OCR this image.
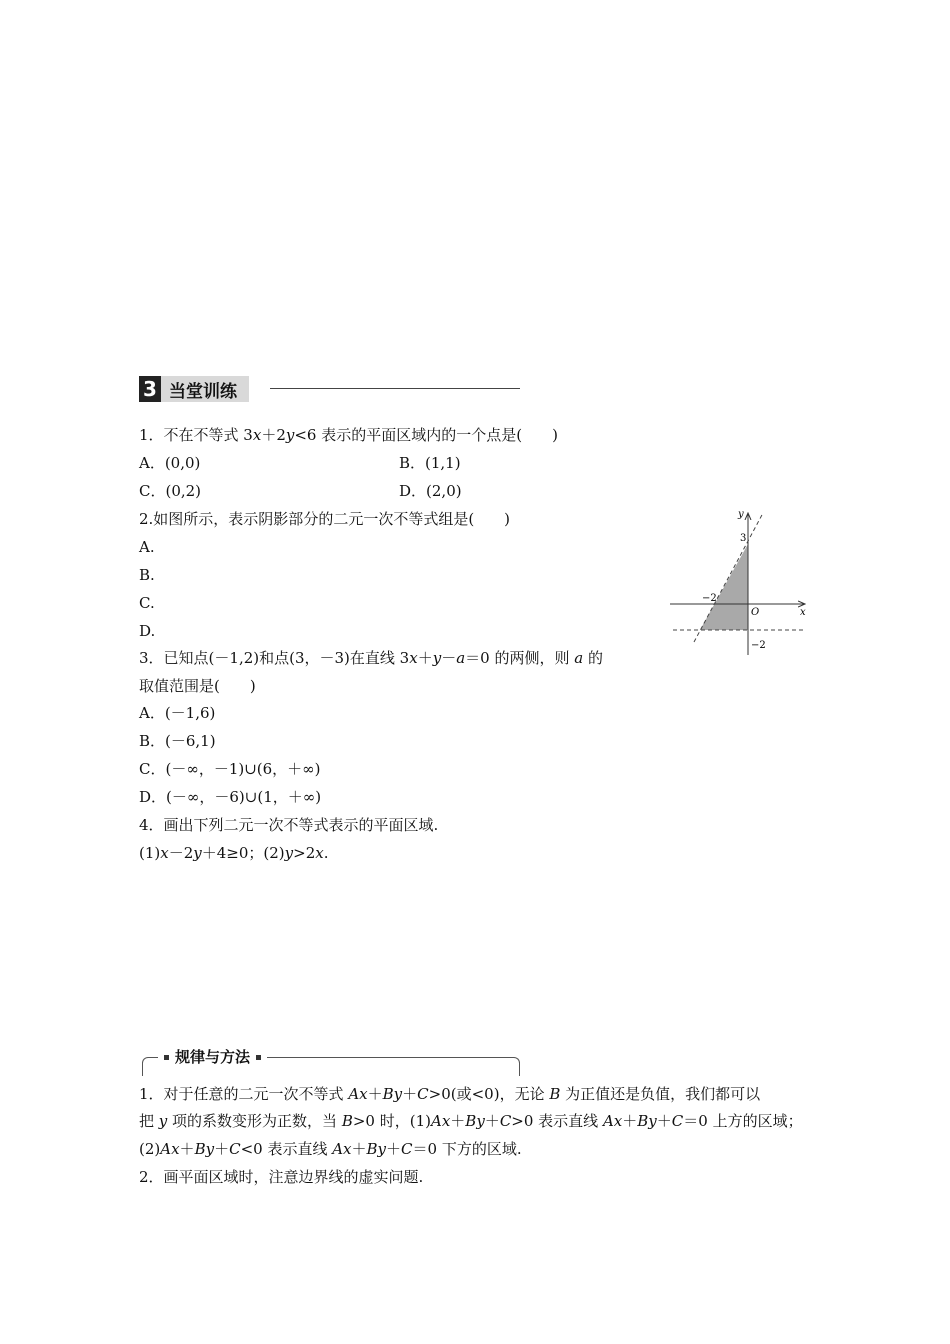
3 当堂训练
1．不在不等式 3x＋2y<6 表示的平面区域内的一个点是(　　)
A．(0,0)	B．(1,1)
C．(0,2)	D．(2,0)
2.如图所示，表示阴影部分的二元一次不等式组是(　　)
A.
B.
C.
D.
y
x
O
3
−2
−2
3．已知点(－1,2)和点(3，－3)在直线 3x＋y－a＝0 的两侧，则 a 的
取值范围是(　　)
A．(－1,6)
B．(－6,1)
C．(－∞，－1)∪(6，＋∞)
D．(－∞，－6)∪(1，＋∞)
4．画出下列二元一次不等式表示的平面区域.
(1)x－2y＋4≥0；(2)y>2x.
规律与方法
1．对于任意的二元一次不等式 Ax＋By＋C>0(或<0)，无论 B 为正值还是负值，我们都可以
把 y 项的系数变形为正数，当 B>0 时，(1)Ax＋By＋C>0 表示直线 Ax＋By＋C＝0 上方的区域；
(2)Ax＋By＋C<0 表示直线 Ax＋By＋C＝0 下方的区域.
2．画平面区域时，注意边界线的虚实问题.
